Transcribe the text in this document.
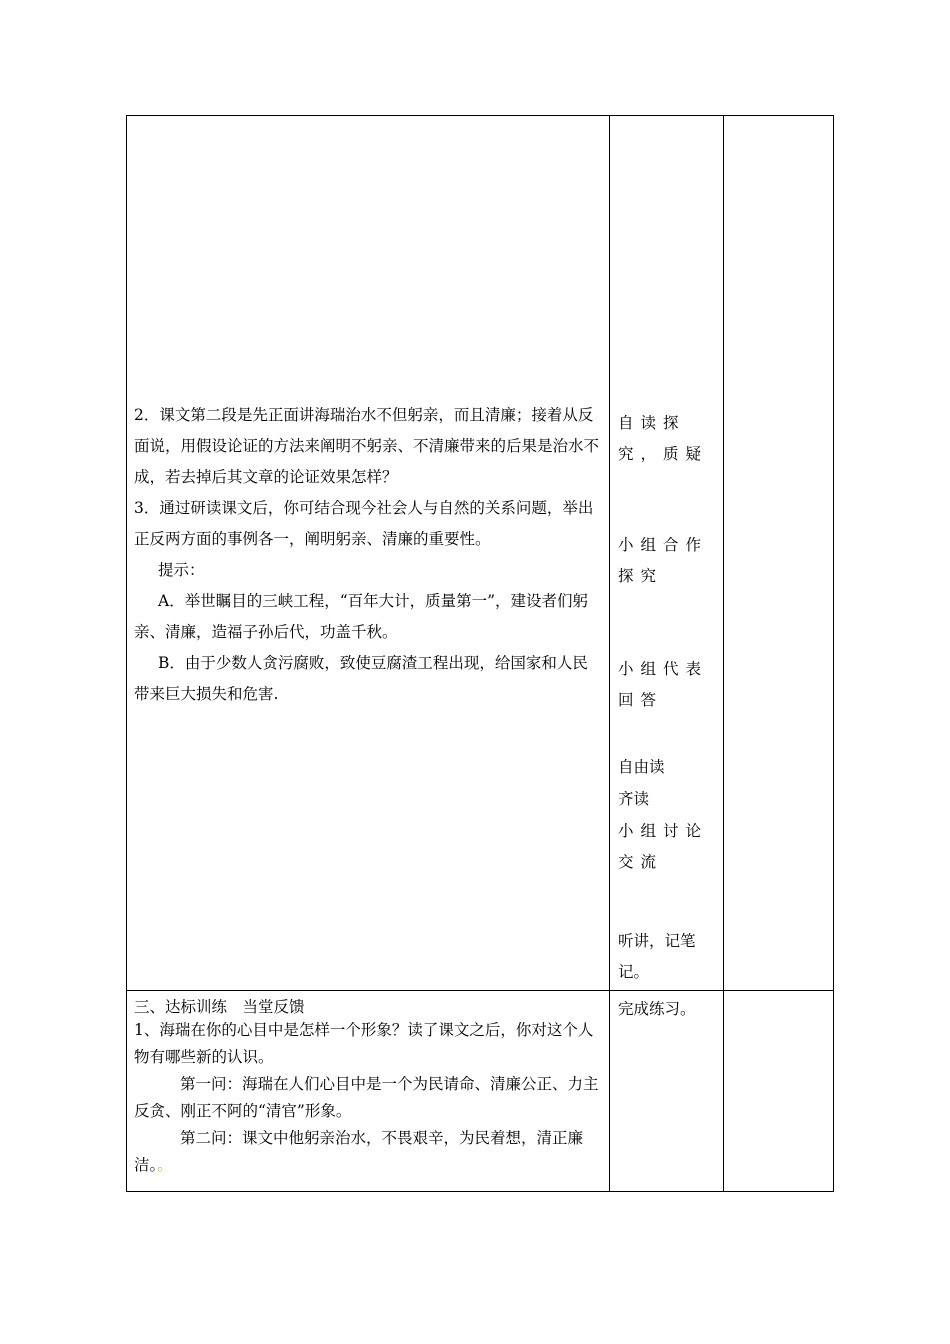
2．课文第二段是先正面讲海瑞治水不但躬亲，而且清廉；接着从反面说，用假设论证的方法来阐明不躬亲、不清廉带来的后果是治水不成，若去掉后其文章的论证效果怎样？

3．通过研读课文后，你可结合现今社会人与自然的关系问题，举出正反两方面的事例各一，阐明躬亲、清廉的重要性。

提示：

A．举世瞩目的三峡工程，“百年大计，质量第一”，建设者们躬亲、清廉，造福子孙后代，功盖千秋。

B．由于少数人贪污腐败，致使豆腐渣工程出现，给国家和人民带来巨大损失和危害.

自读探究，质疑
小组合作探究
小组代表回答
自由读
齐读
小组讨论交流
听讲，记笔记。

三、达标训练　当堂反馈

1、海瑞在你的心目中是怎样一个形象？读了课文之后，你对这个人物有哪些新的认识。

第一问：海瑞在人们心目中是一个为民请命、清廉公正、力主反贪、刚正不阿的“清官”形象。

第二问：课文中他躬亲治水，不畏艰辛，为民着想，清正廉洁。。

完成练习。
